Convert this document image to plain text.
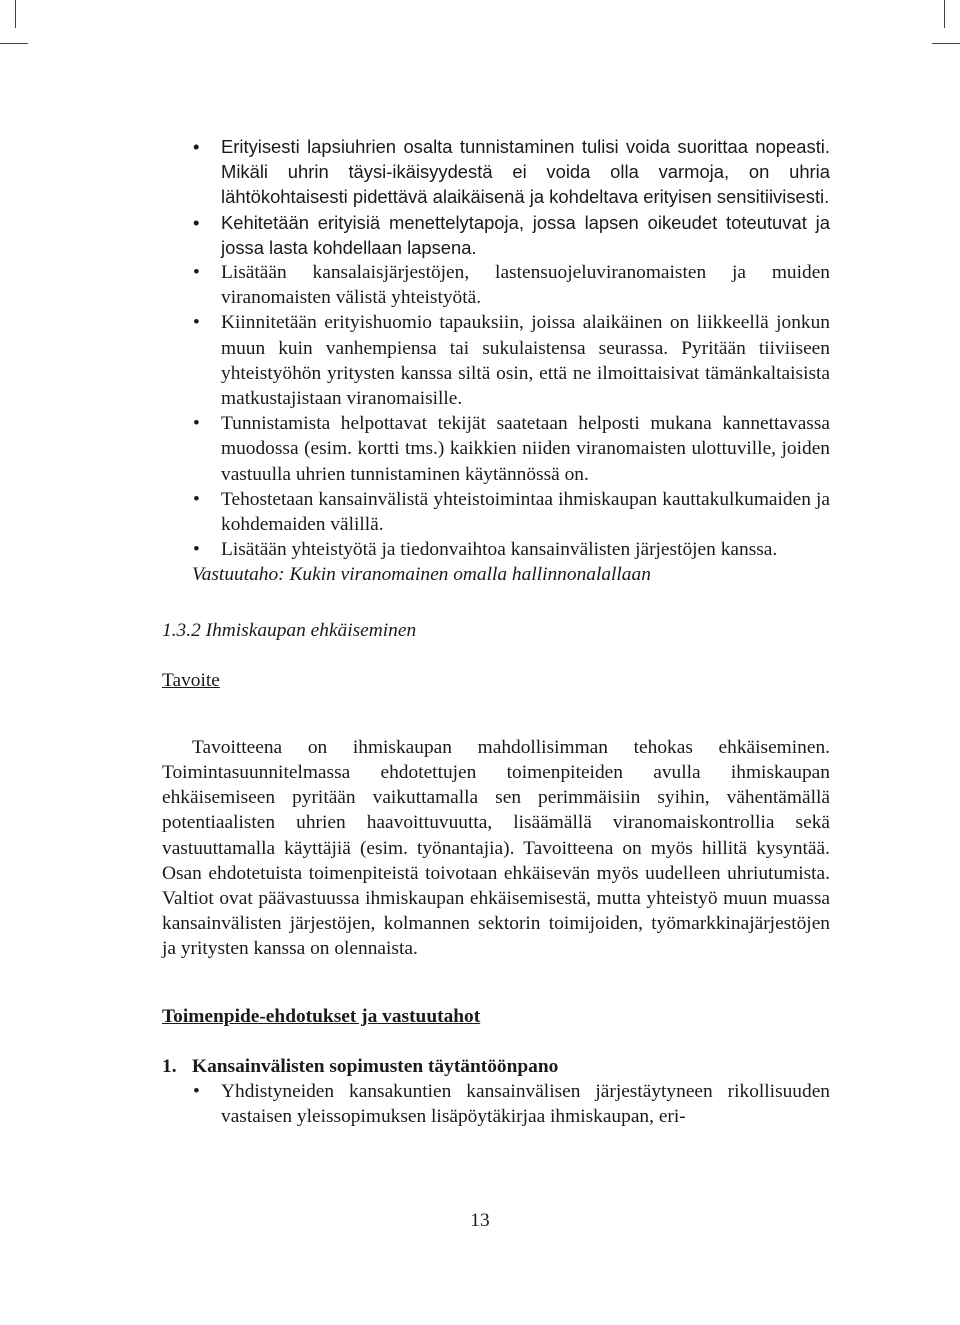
• Erityisesti lapsiuhrien osalta tunnistaminen tulisi voida suorittaa nopeasti. Mikäli uhrin täysi-ikäisyydestä ei voida olla varmoja, on uhria lähtökohtaisesti pidettävä alaikäisenä ja kohdeltava erityisen sensitiivisesti.
• Kehitetään erityisiä menettelytapoja, jossa lapsen oikeudet toteutuvat ja jossa lasta kohdellaan lapsena.
• Lisätään kansalaisjärjestöjen, lastensuojeluviranomaisten ja muiden viranomaisten välistä yhteistyötä.
• Kiinnitetään erityishuomio tapauksiin, joissa alaikäinen on liikkeellä jonkun muun kuin vanhempiensa tai sukulaistensa seurassa. Pyritään tiiviiseen yhteistyöhön yritysten kanssa siltä osin, että ne ilmoittaisivat tämänkaltaisista matkustajistaan viranomaisille.
• Tunnistamista helpottavat tekijät saatetaan helposti mukana kannettavassa muodossa (esim. kortti tms.) kaikkien niiden viranomaisten ulottuville, joiden vastuulla uhrien tunnistaminen käytännössä on.
• Tehostetaan kansainvälistä yhteistoimintaa ihmiskaupan kauttakulkumaiden ja kohdemaiden välillä.
• Lisätään yhteistyötä ja tiedonvaihtoa kansainvälisten järjestöjen kanssa.
Vastuutaho: Kukin viranomainen omalla hallinnonalallaan
1.3.2 Ihmiskaupan ehkäiseminen
Tavoite
Tavoitteena on ihmiskaupan mahdollisimman tehokas ehkäiseminen. Toimintasuunnitelmassa ehdotettujen toimenpiteiden avulla ihmiskaupan ehkäisemiseen pyritään vaikuttamalla sen perimmäisiin syihin, vähentämällä potentiaalisten uhrien haavoittuvuutta, lisäämällä viranomaiskontrollia sekä vastuuttamalla käyttäjiä (esim. työnantajia). Tavoitteena on myös hillitä kysyntää. Osan ehdotetuista toimenpiteistä toivotaan ehkäisevän myös uudelleen uhriutumista. Valtiot ovat päävastuussa ihmiskaupan ehkäisemisestä, mutta yhteistyö muun muassa kansainvälisten järjestöjen, kolmannen sektorin toimijoiden, työmarkkinajärjestöjen ja yritysten kanssa on olennaista.
Toimenpide-ehdotukset ja vastuutahot
1. Kansainvälisten sopimusten täytäntöönpano
• Yhdistyneiden kansakuntien kansainvälisen järjestäytyneen rikollisuuden vastaisen yleissopimuksen lisäpöytäkirjaa ihmiskaupan, eri-
13
